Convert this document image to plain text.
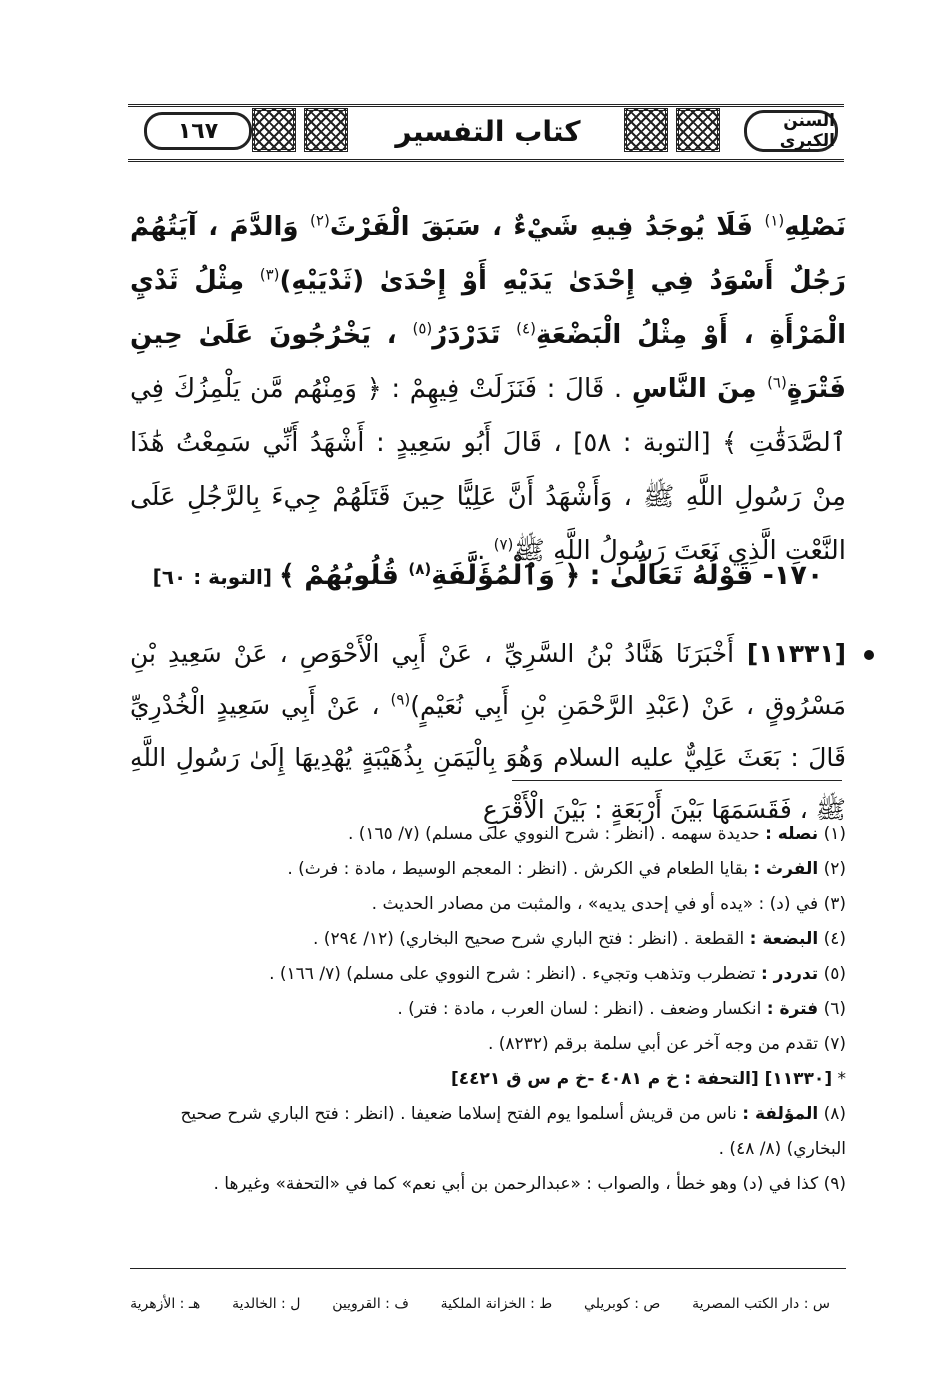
١٦٧	كتاب التفسير	السنن الكبرى
نَصْلِهِ$^{(١)}$ فَلَا يُوجَدُ فِيهِ شَيْءٌ ، سَبَقَ الْفَرْثَ$^{(٢)}$ وَالدَّمَ ، آيَتُهُمْ رَجُلٌ أَسْوَدُ فِي إِحْدَىٰ يَدَيْهِ أَوْ إِحْدَىٰ (ثَدْيَيْهِ)$^{(٣)}$ مِثْلُ ثَدْيِ الْمَرْأَةِ ، أَوْ مِثْلُ الْبَضْعَةِ$^{(٤)}$ تَدَرْدَرُ$^{(٥)}$ ، يَخْرُجُونَ عَلَىٰ حِينِ فَتْرَةٍ$^{(٦)}$ مِنَ النَّاسِ . قَالَ : فَنَزَلَتْ فِيهِمْ : ﴿ وَمِنْهُم مَّن يَلْمِزُكَ فِي ٱلصَّدَقَٰتِ ﴾ [التوبة : ٥٨] ، قَالَ أَبُو سَعِيدٍ : أَشْهَدُ أَنِّي سَمِعْتُ هَٰذَا مِنْ رَسُولِ اللَّهِ ﷺ ، وَأَشْهَدُ أَنَّ عَلِيًّا حِينَ قَتَلَهُمْ جِيءَ بِالرَّجُلِ عَلَى النَّعْتِ الَّذِي نَعَتَ رَسُولُ اللَّهِ ﷺ$^{(٧)}$ .
١٧٠- قَوْلُهُ تَعَالَىٰ : ﴿ وَٱلْمُؤَلَّفَةِ$^{(٨)}$ قُلُوبُهُمْ ﴾ [التوبة : ٦٠]
[١١٣٣١] أَخْبَرَنَا هَنَّادُ بْنُ السَّرِيِّ ، عَنْ أَبِي الْأَحْوَصِ ، عَنْ سَعِيدِ بْنِ مَسْرُوقٍ ، عَنْ (عَبْدِ الرَّحْمَنِ بْنِ أَبِي نُعَيْمٍ)$^{(٩)}$ ، عَنْ أَبِي سَعِيدٍ الْخُدْرِيِّ قَالَ : بَعَثَ عَلِيٌّ عليه السلام وَهُوَ بِالْيَمَنِ بِذُهَيْبَةٍ يُهْدِيهَا إِلَىٰ رَسُولِ اللَّهِ ﷺ ، فَقَسَمَهَا بَيْنَ أَرْبَعَةٍ : بَيْنَ الْأَقْرَعِ
(١) نصله : حديدة سهمه . (انظر : شرح النووي على مسلم) (٧/ ١٦٥) .
(٢) الفرث : بقايا الطعام في الكرش . (انظر : المعجم الوسيط ، مادة : فرث) .
(٣) في (د) : «يده أو في إحدى يديه» ، والمثبت من مصادر الحديث .
(٤) البضعة : القطعة . (انظر : فتح الباري شرح صحيح البخاري) (١٢/ ٢٩٤) .
(٥) تدردر : تضطرب وتذهب وتجيء . (انظر : شرح النووي على مسلم) (٧/ ١٦٦) .
(٦) فترة : انكسار وضعف . (انظر : لسان العرب ، مادة : فتر) .
(٧) تقدم من وجه آخر عن أبي سلمة برقم (٨٢٣٢) .
* [١١٣٣٠] [التحفة : خ م ٤٠٨١ -خ م س ق ٤٤٢١]
(٨) المؤلفة : ناس من قريش أسلموا يوم الفتح إسلاما ضعيفا . (انظر : فتح الباري شرح صحيح البخاري) (٨/ ٤٨) .
(٩) كذا في (د) وهو خطأ ، والصواب : «عبدالرحمن بن أبي نعم» كما في «التحفة» وغيرها .
س : دار الكتب المصرية
ص : كوبريلي
ط : الخزانة الملكية
ف : القرويين
ل : الخالدية
هـ : الأزهرية
